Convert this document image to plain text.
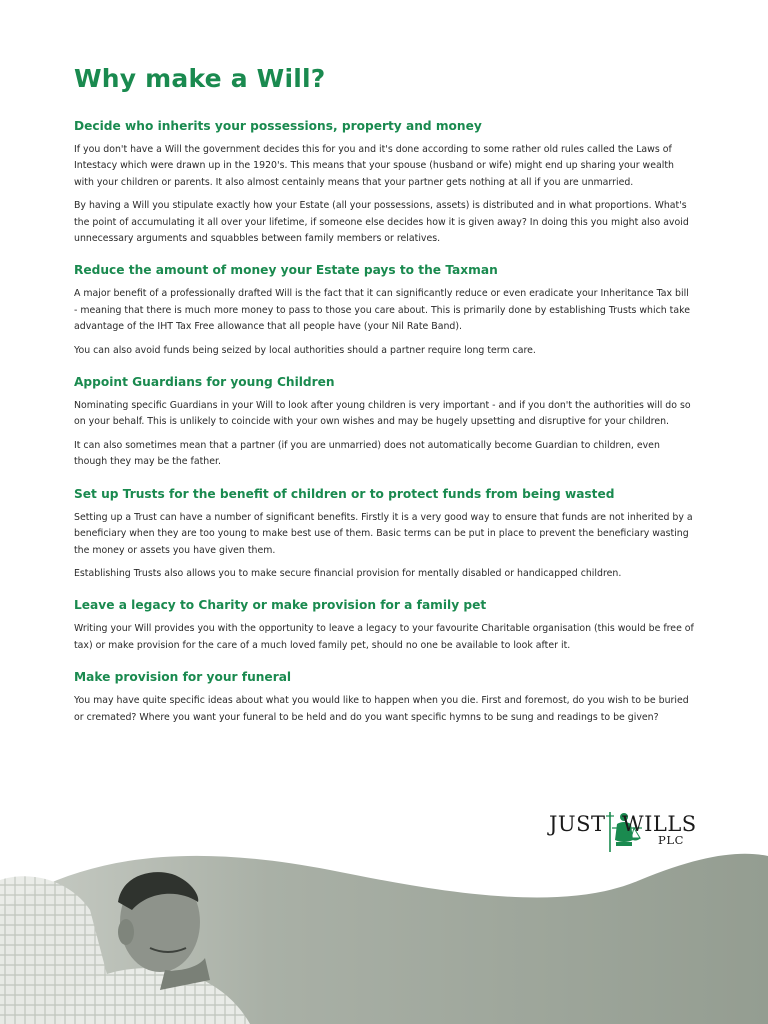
Why make a Will?
Decide who inherits your possessions, property and money

If you don't have a Will the government decides this for you and it's done according to some rather old rules called the Laws of Intestacy which were drawn up in the 1920's. This means that your spouse (husband or wife) might end up sharing your wealth with your children or parents. It also almost centainly means that your partner gets nothing at all if you are unmarried.

By having a Will you stipulate exactly how your Estate (all your possessions, assets) is distributed and in what proportions. What's the point of accumulating it all over your lifetime, if someone else decides how it is given away? In doing this you might also avoid unnecessary arguments and squabbles between family members or relatives.

Reduce the amount of money your Estate pays to the Taxman

A major benefit of a professionally drafted Will is the fact that it can significantly reduce or even eradicate your Inheritance Tax bill - meaning that there is much more money to pass to those you care about. This is primarily done by establishing Trusts which take advantage of the IHT Tax Free allowance that all people have (your Nil Rate Band).

You can also avoid funds being seized by local authorities should a partner require long term care.

Appoint Guardians for young Children

Nominating specific Guardians in your Will to look after young children is very important - and if you don't the authorities will do so on your behalf. This is unlikely to coincide with your own wishes and may be hugely upsetting and disruptive for your children.

It can also sometimes mean that a partner (if you are unmarried) does not automatically become Guardian to children, even though they may be the father.

Set up Trusts for the benefit of children or to protect funds from being wasted

Setting up a Trust can have a number of significant benefits. Firstly it is a very good way to ensure that funds are not inherited by a beneficiary when they are too young to make best use of them. Basic terms can be put in place to prevent the beneficiary wasting the money or assets you have given them.

Establishing Trusts also allows you to make secure financial provision for mentally disabled or handicapped children.

Leave a legacy to Charity or make provision for a family pet

Writing your Will provides you with the opportunity to leave a legacy to your favourite Charitable organisation (this would be free of tax) or make provision for the care of a much loved family pet, should no one be available to look after it.

Make provision for your funeral

You may have quite specific ideas about what you would like to happen when you die. First and foremost, do you wish to be buried or cremated? Where you want your funeral to be held and do you want specific hymns to be sung and readings to be given?

JUST WILLS
PLC
